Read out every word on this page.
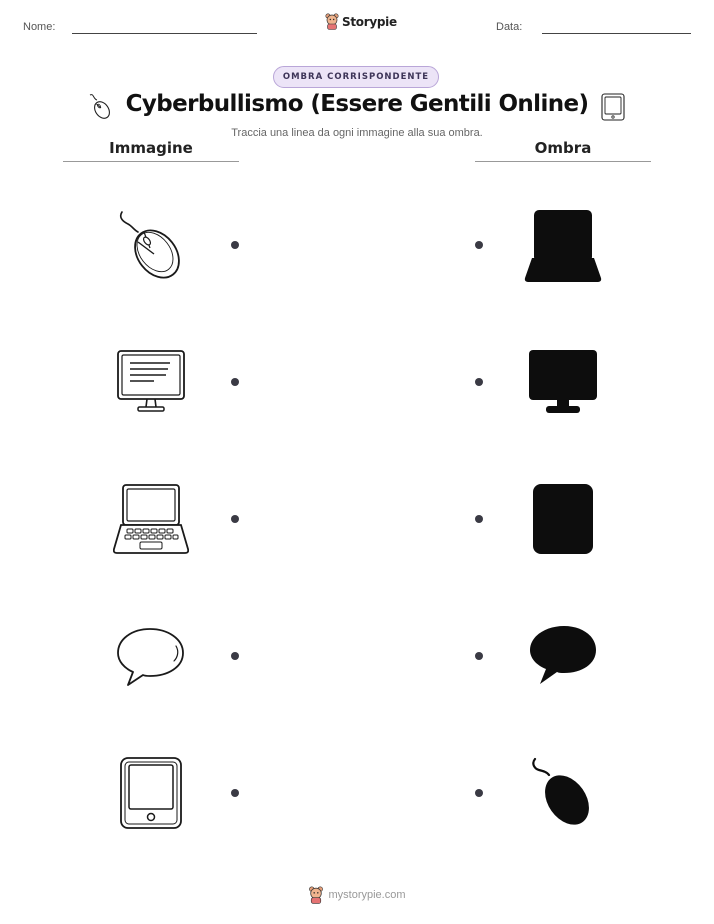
Nome:	Storypie	Data:
OMBRA CORRISPONDENTE
Cyberbullismo (Essere Gentili Online)
Traccia una linea da ogni immagine alla sua ombra.
Immagine	Ombra
mystorypie.com
